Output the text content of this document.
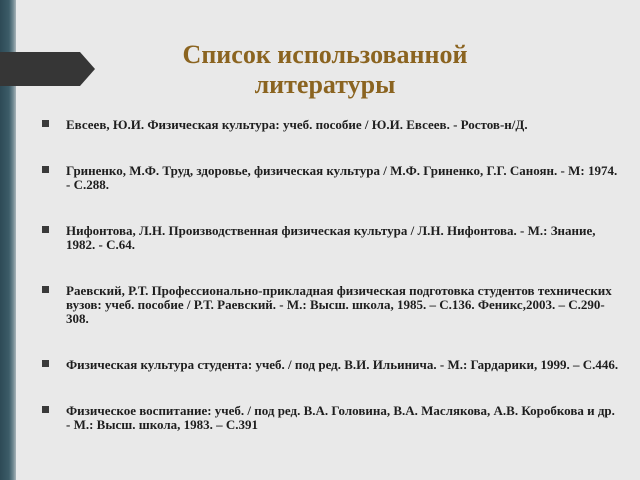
Список использованной
литературы
Евсеев, Ю.И. Физическая культура: учеб. пособие / Ю.И. Евсеев. - Ростов-н/Д.
Гриненко, М.Ф. Труд, здоровье, физическая культура / М.Ф. Гриненко, Г.Г. Саноян. - М: 1974. - С.288.
Нифонтова, Л.Н. Производственная физическая культура / Л.Н. Нифонтова. - М.: Знание, 1982. - С.64.
Раевский, Р.Т. Профессионально-прикладная физическая подготовка студентов технических вузов: учеб. пособие / Р.Т. Раевский. - М.: Высш. школа, 1985. – С.136. Феникс,2003. – С.290-308.
Физическая культура студента: учеб. / под ред. В.И. Ильинича. - М.: Гардарики, 1999. – С.446.
Физическое воспитание: учеб. / под ред. В.А. Головина, В.А. Маслякова, А.В. Коробкова и др. - М.: Высш. школа, 1983. – С.391
